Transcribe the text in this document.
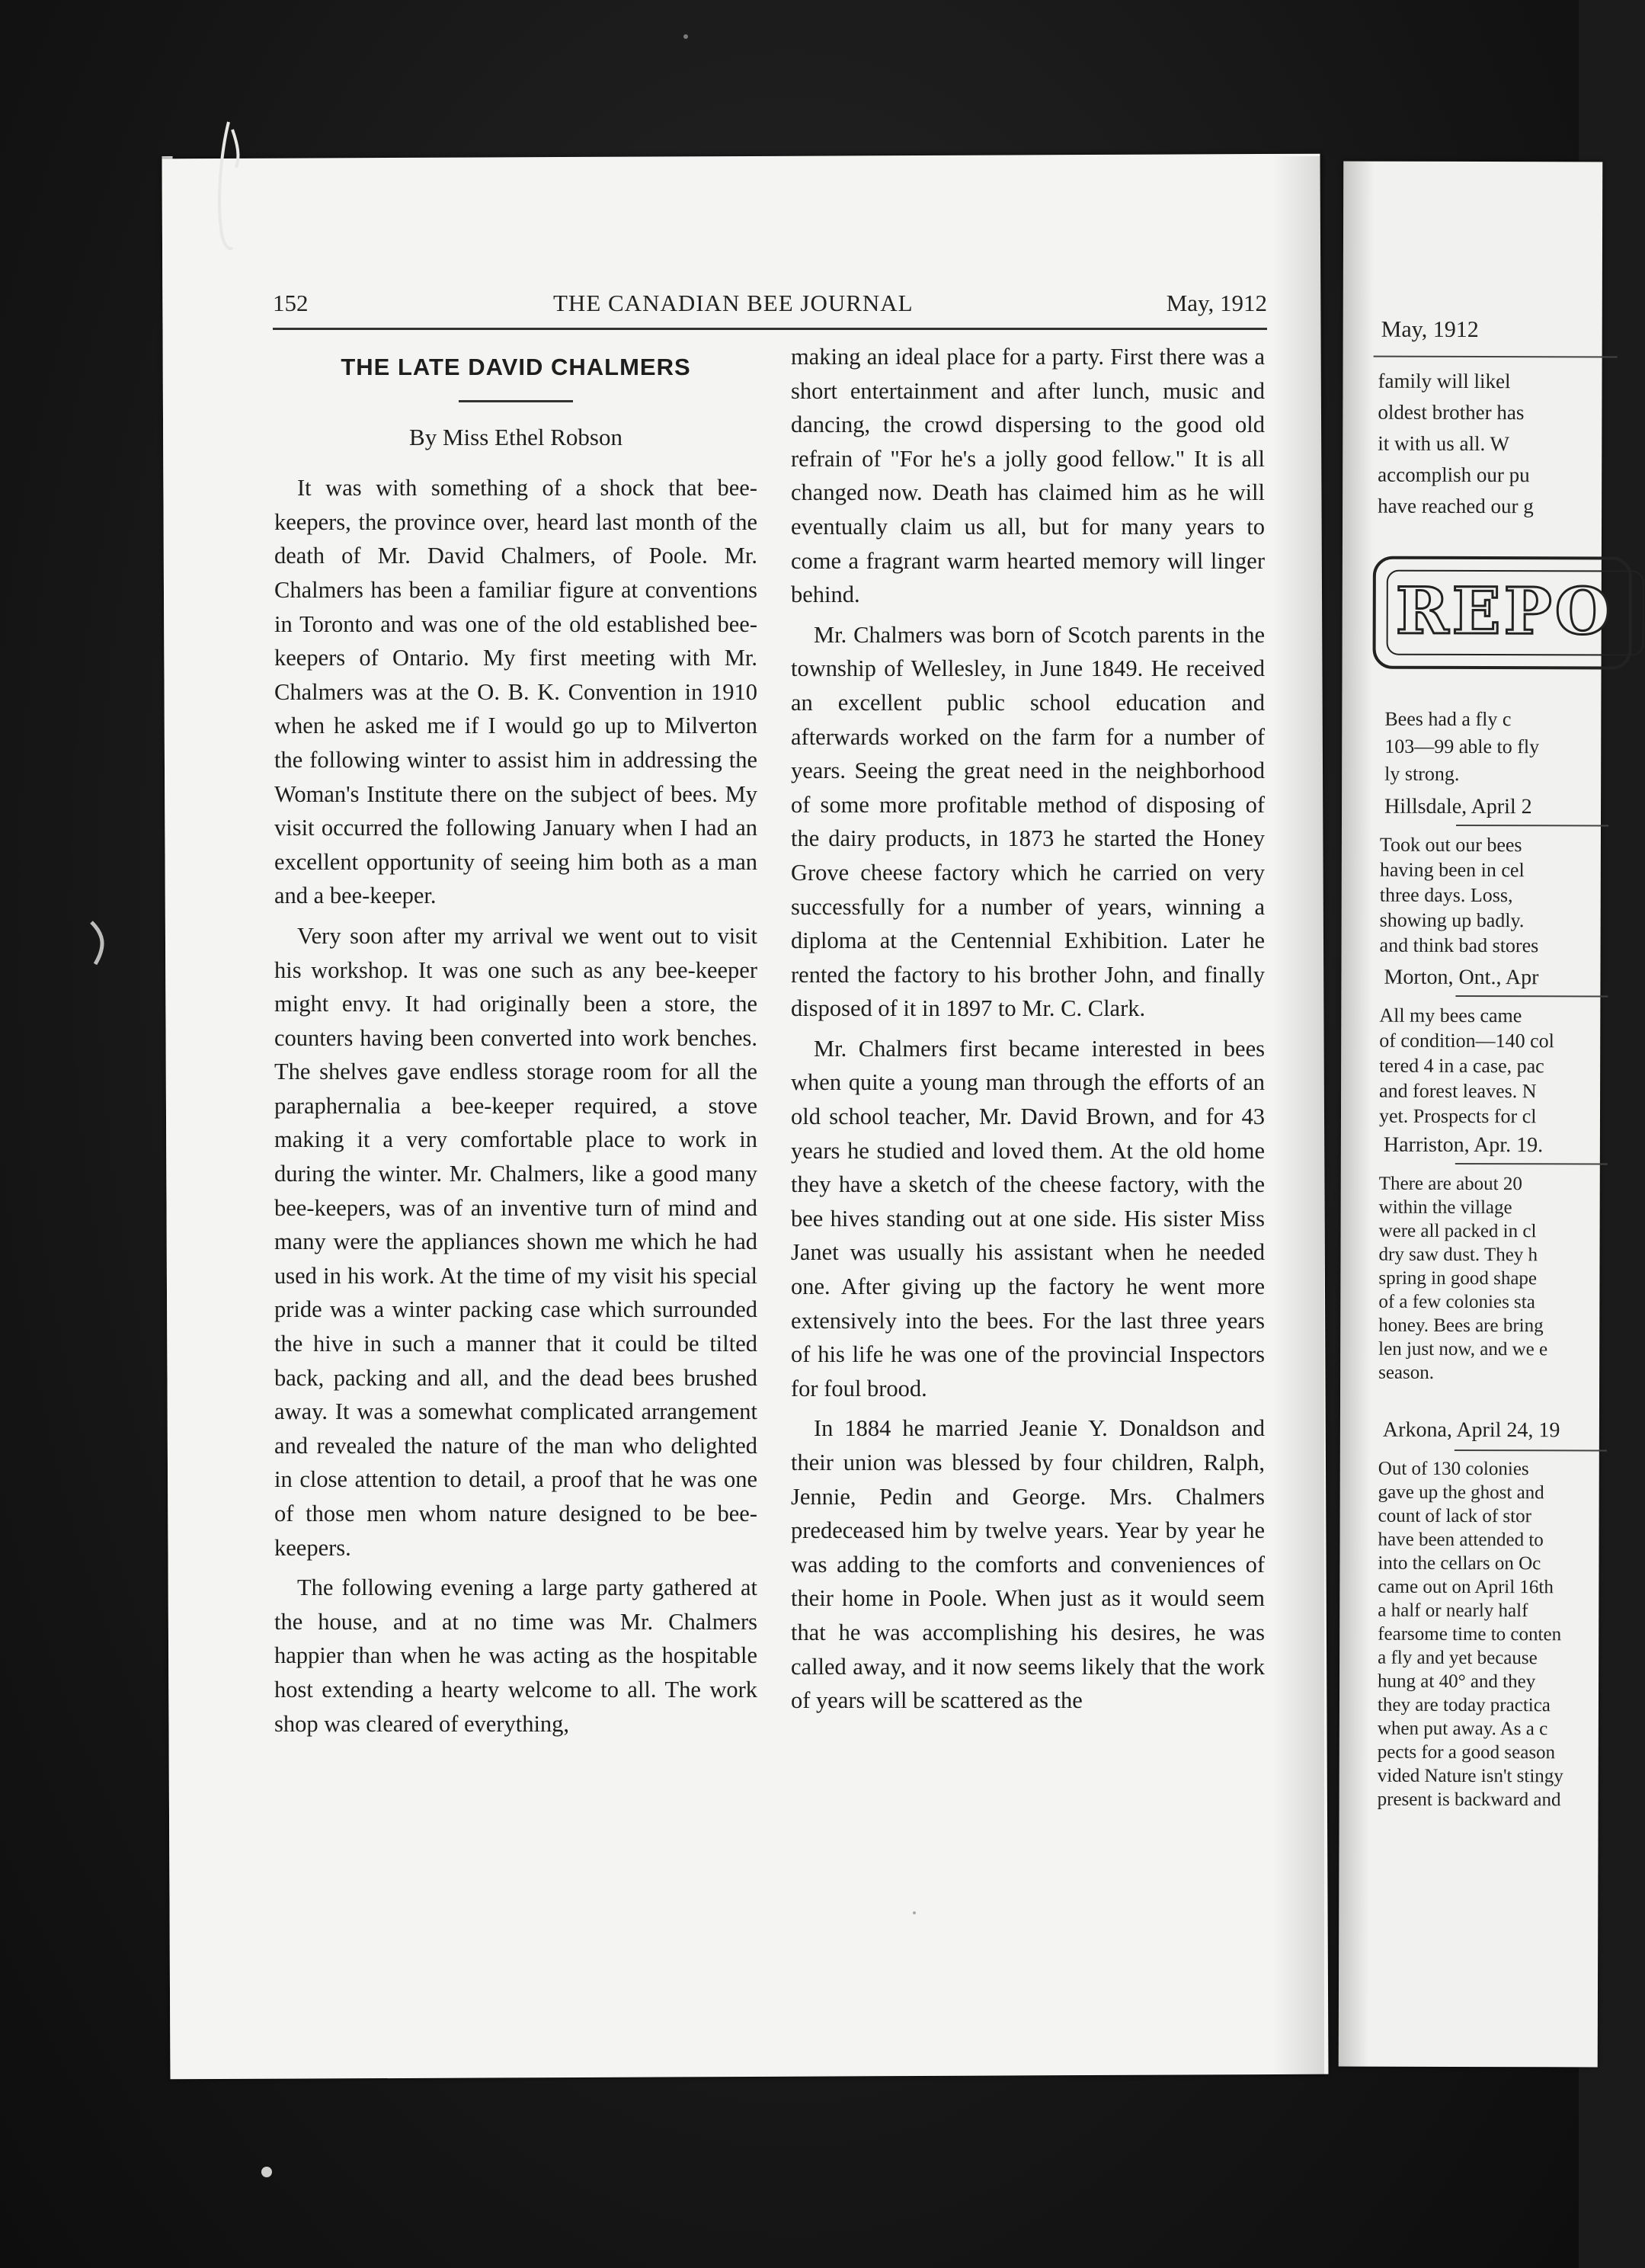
May, 1912
family will likel
oldest brother has
it with us all. W
accomplish our pu
have reached our g
REPO
Bees had a fly c
103—99 able to fly
ly strong.
Hillsdale, April 2
Took out our bees
having been in cel
three days. Loss,
showing up badly.
and think bad stores
Morton, Ont., Apr
All my bees came
of condition—140 col
tered 4 in a case, pac
and forest leaves. N
yet. Prospects for cl
Harriston, Apr. 19.
There are about 20
within the village
were all packed in cl
dry saw dust. They h
spring in good shape
of a few colonies sta
honey. Bees are bring
len just now, and we e
season.
Arkona, April 24, 19
Out of 130 colonies
gave up the ghost and
count of lack of stor
have been attended to
into the cellars on Oc
came out on April 16th
a half or nearly half
fearsome time to conten
a fly and yet because
hung at 40° and they
they are today practica
when put away. As a c
pects for a good season
vided Nature isn't stingy
present is backward and
152	THE CANADIAN BEE JOURNAL	May, 1912
THE LATE DAVID CHALMERS
By Miss Ethel Robson

It was with something of a shock that bee-keepers, the province over, heard last month of the death of Mr. David Chalmers, of Poole. Mr. Chalmers has been a familiar figure at conventions in Toronto and was one of the old established bee-keepers of Ontario. My first meeting with Mr. Chalmers was at the O. B. K. Convention in 1910 when he asked me if I would go up to Milverton the following winter to assist him in addressing the Woman's Institute there on the subject of bees. My visit occurred the following January when I had an excellent opportunity of seeing him both as a man and a bee-keeper.

Very soon after my arrival we went out to visit his workshop. It was one such as any bee-keeper might envy. It had originally been a store, the counters having been converted into work benches. The shelves gave endless storage room for all the paraphernalia a bee-keeper required, a stove making it a very comfortable place to work in during the winter. Mr. Chalmers, like a good many bee-keepers, was of an inventive turn of mind and many were the appliances shown me which he had used in his work. At the time of my visit his special pride was a winter packing case which surrounded the hive in such a manner that it could be tilted back, packing and all, and the dead bees brushed away. It was a somewhat complicated arrangement and revealed the nature of the man who delighted in close attention to detail, a proof that he was one of those men whom nature designed to be bee-keepers.

The following evening a large party gathered at the house, and at no time was Mr. Chalmers happier than when he was acting as the hospitable host extending a hearty welcome to all. The work shop was cleared of everything,

making an ideal place for a party. First there was a short entertainment and after lunch, music and dancing, the crowd dispersing to the good old refrain of "For he's a jolly good fellow." It is all changed now. Death has claimed him as he will eventually claim us all, but for many years to come a fragrant warm hearted memory will linger behind.

Mr. Chalmers was born of Scotch parents in the township of Wellesley, in June 1849. He received an excellent public school education and afterwards worked on the farm for a number of years. Seeing the great need in the neighborhood of some more profitable method of disposing of the dairy products, in 1873 he started the Honey Grove cheese factory which he carried on very successfully for a number of years, winning a diploma at the Centennial Exhibition. Later he rented the factory to his brother John, and finally disposed of it in 1897 to Mr. C. Clark.

Mr. Chalmers first became interested in bees when quite a young man through the efforts of an old school teacher, Mr. David Brown, and for 43 years he studied and loved them. At the old home they have a sketch of the cheese factory, with the bee hives standing out at one side. His sister Miss Janet was usually his assistant when he needed one. After giving up the factory he went more extensively into the bees. For the last three years of his life he was one of the provincial Inspectors for foul brood.

In 1884 he married Jeanie Y. Donaldson and their union was blessed by four children, Ralph, Jennie, Pedin and George. Mrs. Chalmers predeceased him by twelve years. Year by year he was adding to the comforts and conveniences of their home in Poole. When just as it would seem that he was accomplishing his desires, he was called away, and it now seems likely that the work of years will be scattered as the
